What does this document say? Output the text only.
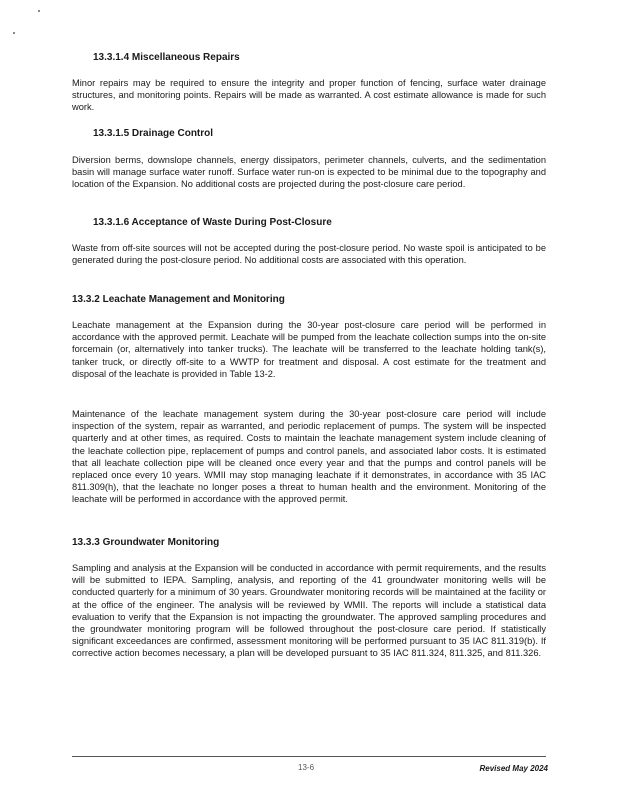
13.3.1.4 Miscellaneous Repairs

Minor repairs may be required to ensure the integrity and proper function of fencing, surface water drainage structures, and monitoring points. Repairs will be made as warranted. A cost estimate allowance is made for such work.

13.3.1.5 Drainage Control

Diversion berms, downslope channels, energy dissipators, perimeter channels, culverts, and the sedimentation basin will manage surface water runoff. Surface water run-on is expected to be minimal due to the topography and location of the Expansion. No additional costs are projected during the post-closure care period.

13.3.1.6 Acceptance of Waste During Post-Closure

Waste from off-site sources will not be accepted during the post-closure period. No waste spoil is anticipated to be generated during the post-closure period. No additional costs are associated with this operation.

13.3.2 Leachate Management and Monitoring

Leachate management at the Expansion during the 30-year post-closure care period will be performed in accordance with the approved permit. Leachate will be pumped from the leachate collection sumps into the on-site forcemain (or, alternatively into tanker trucks). The leachate will be transferred to the leachate holding tank(s), tanker truck, or directly off-site to a WWTP for treatment and disposal. A cost estimate for the treatment and disposal of the leachate is provided in Table 13-2.

Maintenance of the leachate management system during the 30-year post-closure care period will include inspection of the system, repair as warranted, and periodic replacement of pumps. The system will be inspected quarterly and at other times, as required. Costs to maintain the leachate management system include cleaning of the leachate collection pipe, replacement of pumps and control panels, and associated labor costs. It is estimated that all leachate collection pipe will be cleaned once every year and that the pumps and control panels will be replaced once every 10 years. WMII may stop managing leachate if it demonstrates, in accordance with 35 IAC 811.309(h), that the leachate no longer poses a threat to human health and the environment. Monitoring of the leachate will be performed in accordance with the approved permit.

13.3.3 Groundwater Monitoring

Sampling and analysis at the Expansion will be conducted in accordance with permit requirements, and the results will be submitted to IEPA. Sampling, analysis, and reporting of the 41 groundwater monitoring wells will be conducted quarterly for a minimum of 30 years. Groundwater monitoring records will be maintained at the facility or at the office of the engineer. The analysis will be reviewed by WMII. The reports will include a statistical data evaluation to verify that the Expansion is not impacting the groundwater. The approved sampling procedures and the groundwater monitoring program will be followed throughout the post-closure care period. If statistically significant exceedances are confirmed, assessment monitoring will be performed pursuant to 35 IAC 811.319(b). If corrective action becomes necessary, a plan will be developed pursuant to 35 IAC 811.324, 811.325, and 811.326.

13-6	Revised May 2024
